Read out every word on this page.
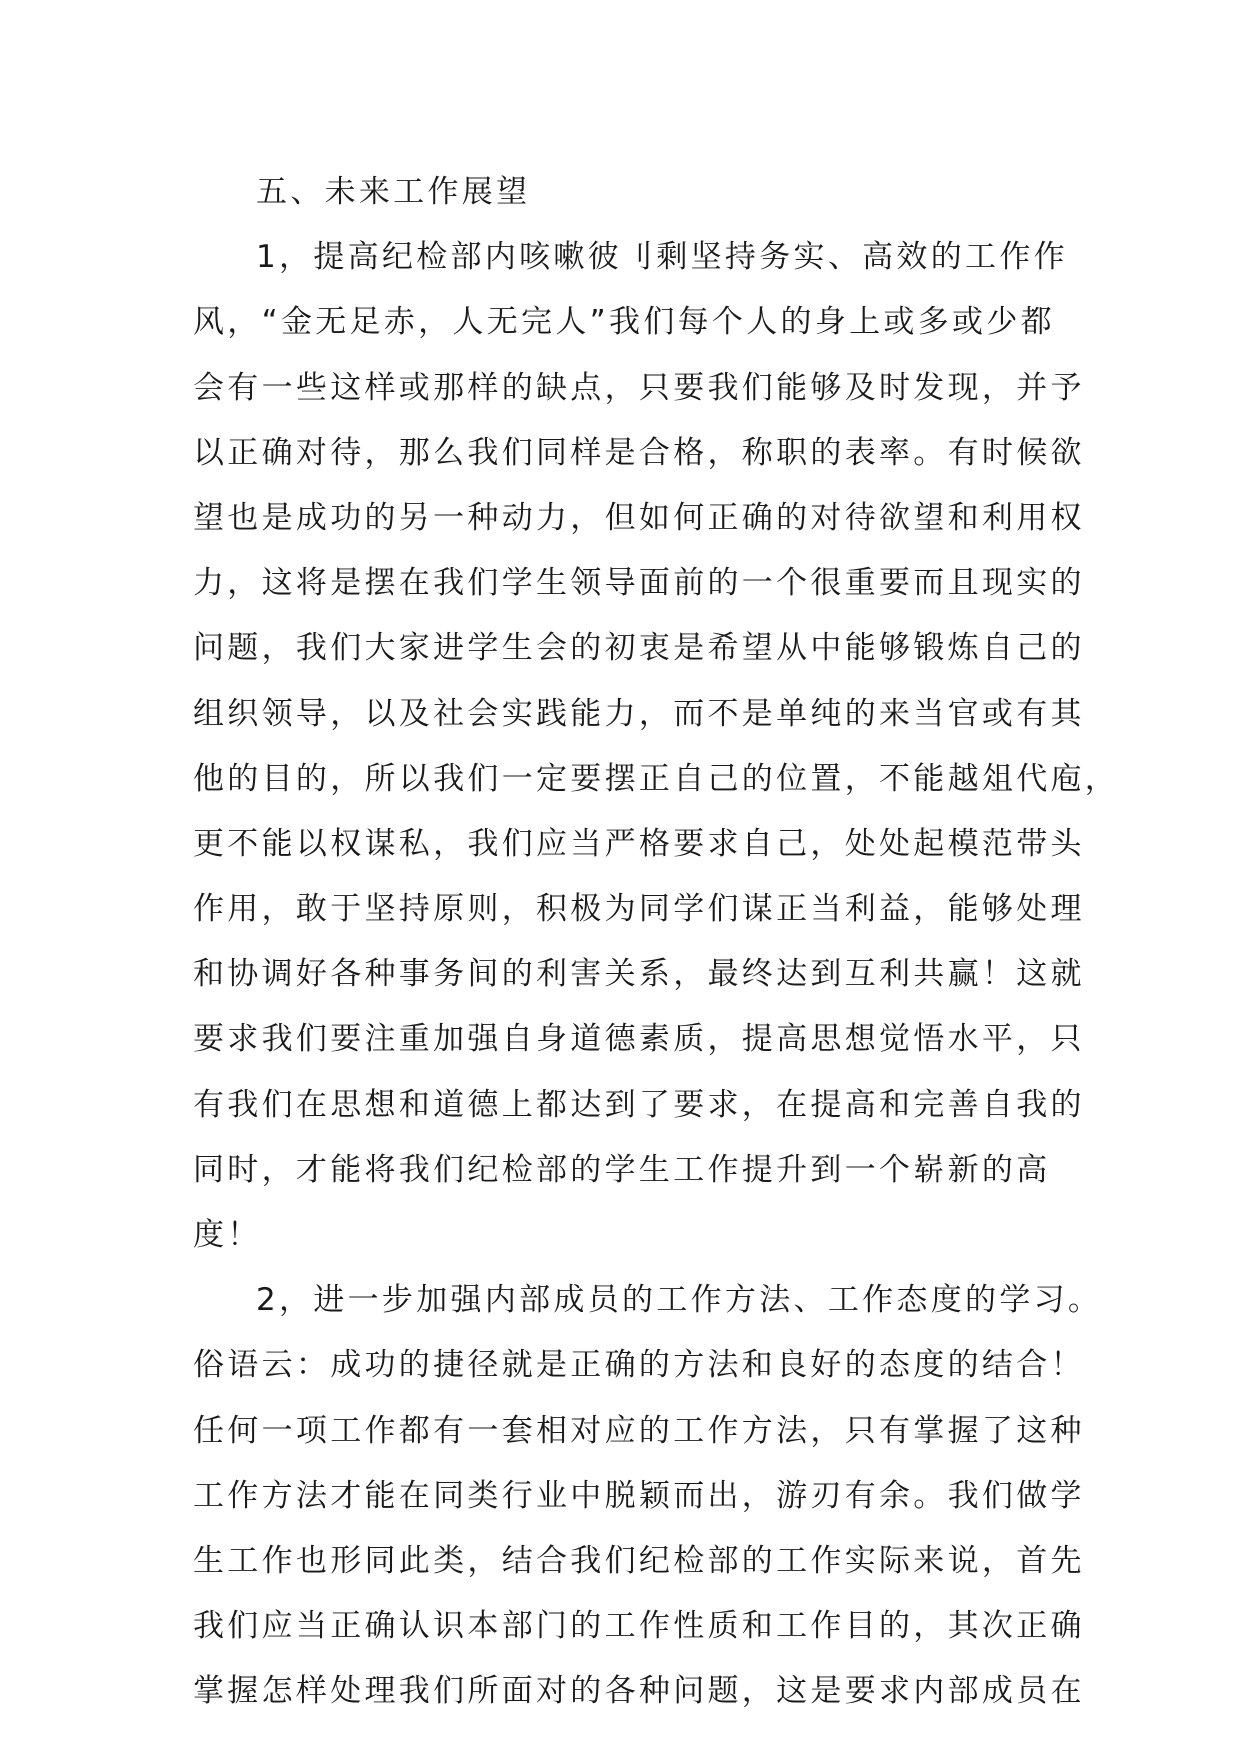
五、未来工作展望
1，提高纪检部内咳嗽彼刂剩坚持务实、高效的工作作
风，“金无足赤，人无完人”我们每个人的身上或多或少都
会有一些这样或那样的缺点，只要我们能够及时发现，并予
以正确对待，那么我们同样是合格，称职的表率。有时候欲
望也是成功的另一种动力，但如何正确的对待欲望和利用权
力，这将是摆在我们学生领导面前的一个很重要而且现实的
问题，我们大家进学生会的初衷是希望从中能够锻炼自己的
组织领导，以及社会实践能力，而不是单纯的来当官或有其
他的目的，所以我们一定要摆正自己的位置，不能越俎代庖，
更不能以权谋私，我们应当严格要求自己，处处起模范带头
作用，敢于坚持原则，积极为同学们谋正当利益，能够处理
和协调好各种事务间的利害关系，最终达到互利共赢！这就
要求我们要注重加强自身道德素质，提高思想觉悟水平，只
有我们在思想和道德上都达到了要求，在提高和完善自我的
同时，才能将我们纪检部的学生工作提升到一个崭新的高
度！
2，进一步加强内部成员的工作方法、工作态度的学习。
俗语云：成功的捷径就是正确的方法和良好的态度的结合！
任何一项工作都有一套相对应的工作方法，只有掌握了这种
工作方法才能在同类行业中脱颖而出，游刃有余。我们做学
生工作也形同此类，结合我们纪检部的工作实际来说，首先
我们应当正确认识本部门的工作性质和工作目的，其次正确
掌握怎样处理我们所面对的各种问题，这是要求内部成员在
